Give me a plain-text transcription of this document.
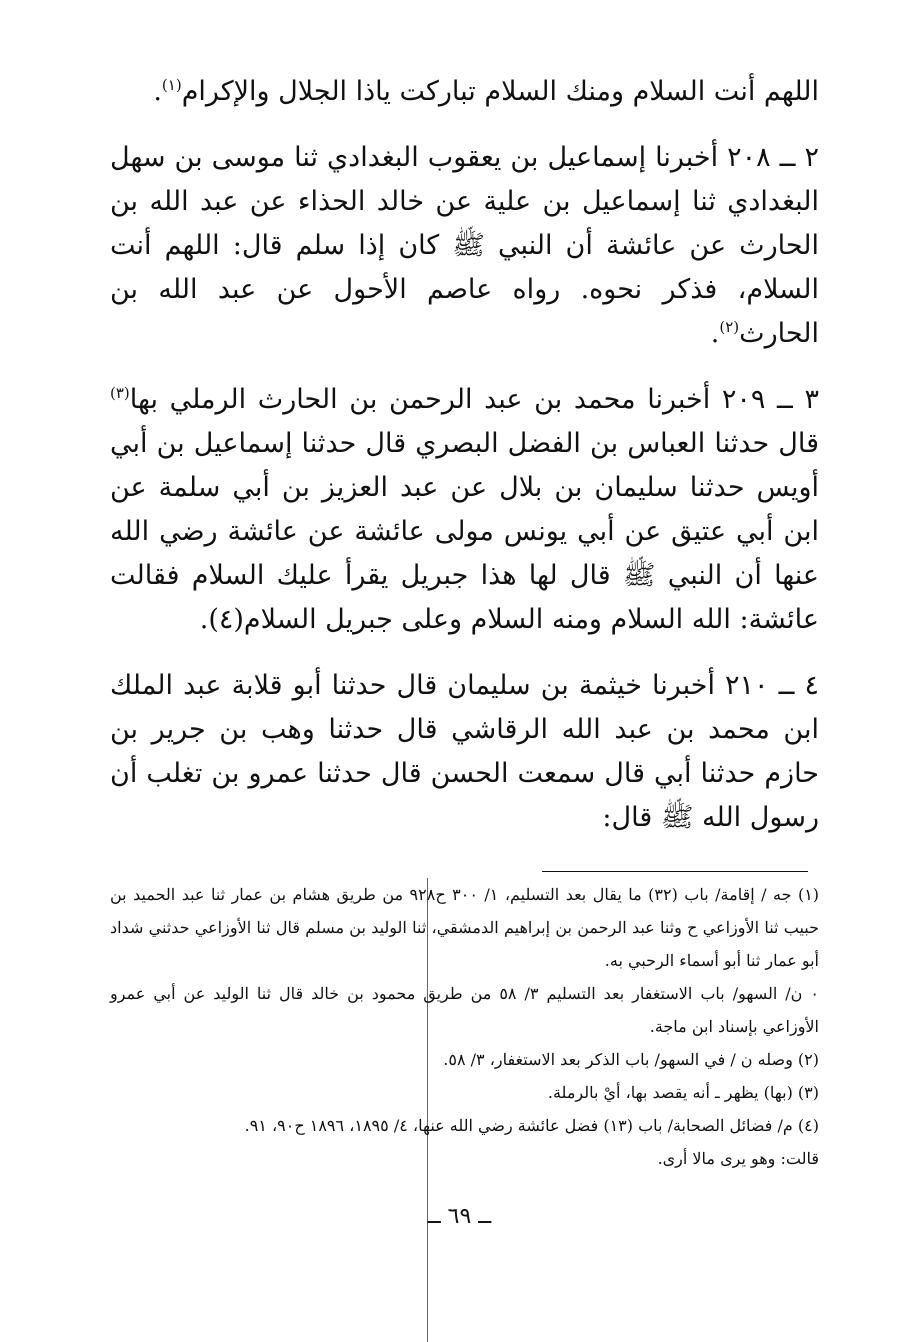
اللهم أنت السلام ومنك السلام تباركت ياذا الجلال والإكرام$^{(١)}$.

٢ ــ ٢٠٨ أخبرنا إسماعيل بن يعقوب البغدادي ثنا موسى بن سهل البغدادي ثنا إسماعيل بن علية عن خالد الحذاء عن عبد الله بن الحارث عن عائشة أن النبي ﷺ كان إذا سلم قال: اللهم أنت السلام، فذكر نحوه. رواه عاصم الأحول عن عبد الله بن الحارث$^{(٢)}$.

٣ ــ ٢٠٩ أخبرنا محمد بن عبد الرحمن بن الحارث الرملي بها$^{(٣)}$ قال حدثنا العباس بن الفضل البصري قال حدثنا إسماعيل بن أبي أويس حدثنا سليمان بن بلال عن عبد العزيز بن أبي سلمة عن ابن أبي عتيق عن أبي يونس مولى عائشة عن عائشة رضي الله عنها أن النبي ﷺ قال لها هذا جبريل يقرأ عليك السلام فقالت عائشة: الله السلام ومنه السلام وعلى جبريل السلام(٤).

٤ ــ ٢١٠ أخبرنا خيثمة بن سليمان قال حدثنا أبو قلابة عبد الملك ابن محمد بن عبد الله الرقاشي قال حدثنا وهب بن جرير بن حازم حدثنا أبي قال سمعت الحسن قال حدثنا عمرو بن تغلب أن رسول الله ﷺ قال:

(١) جه / إقامة/ باب (٣٢) ما يقال بعد التسليم، ١/ ٣٠٠ ح٩٢٨ من طريق هشام بن عمار ثنا عبد الحميد بن حبيب ثنا الأوزاعي ح وثنا عبد الرحمن بن إبراهيم الدمشقي، ثنا الوليد بن مسلم قال ثنا الأوزاعي حدثني شداد أبو عمار ثنا أبو أسماء الرحبي به.

٠ ن/ السهو/ باب الاستغفار بعد التسليم ٣/ ٥٨ من طريق محمود بن خالد قال ثنا الوليد عن أبي عمرو الأوزاعي بإسناد ابن ماجة.

(٢) وصله ن / في السهو/ باب الذكر بعد الاستغفار، ٣/ ٥٨.

(٣) (بها) يظهر ـ أنه يقصد بها، أيْ بالرملة.

(٤) م/ فضائل الصحابة/ باب (١٣) فضل عائشة رضي الله عنها، ٤/ ١٨٩٥، ١٨٩٦ ح٩٠، ٩١.

قالت: وهو يرى مالا أرى.

ــ ٦٩ ــ
